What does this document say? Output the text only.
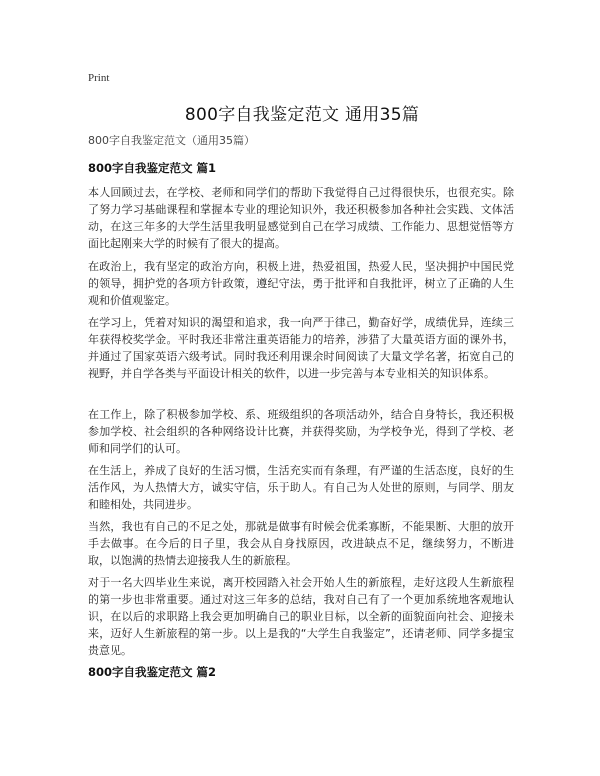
Print
800字自我鉴定范文 通用35篇
800字自我鉴定范文（通用35篇）
800字自我鉴定范文 篇1

本人回顾过去，在学校、老师和同学们的帮助下我觉得自己过得很快乐，也很充实。除了努力学习基础课程和掌握本专业的理论知识外，我还积极参加各种社会实践、文体活动，在这三年多的大学生活里我明显感觉到自己在学习成绩、工作能力、思想觉悟等方面比起刚来大学的时候有了很大的提高。

在政治上，我有坚定的政治方向，积极上进，热爱祖国，热爱人民，坚决拥护中国民党的领导，拥护党的各项方针政策，遵纪守法，勇于批评和自我批评，树立了正确的人生观和价值观鉴定。

在学习上，凭着对知识的渴望和追求，我一向严于律己，勤奋好学，成绩优异，连续三年获得校奖学金。平时我还非常注重英语能力的培养，涉猎了大量英语方面的课外书，并通过了国家英语六级考试。同时我还利用课余时间阅读了大量文学名著，拓宽自己的视野，并自学各类与平面设计相关的软件，以进一步完善与本专业相关的知识体系。

在工作上，除了积极参加学校、系、班级组织的各项活动外，结合自身特长，我还积极参加学校、社会组织的各种网络设计比赛，并获得奖励，为学校争光，得到了学校、老师和同学们的认可。

在生活上，养成了良好的生活习惯，生活充实而有条理，有严谨的生活态度，良好的生活作风，为人热情大方，诚实守信，乐于助人。有自己为人处世的原则，与同学、朋友和睦相处，共同进步。

当然，我也有自己的不足之处，那就是做事有时候会优柔寡断，不能果断、大胆的放开手去做事。在今后的日子里，我会从自身找原因，改进缺点不足，继续努力，不断进取，以饱满的热情去迎接我人生的新旅程。

对于一名大四毕业生来说，离开校园踏入社会开始人生的新旅程，走好这段人生新旅程的第一步也非常重要。通过对这三年多的总结，我对自己有了一个更加系统地客观地认识，在以后的求职路上我会更加明确自己的职业目标，以全新的面貌面向社会、迎接未来，迈好人生新旅程的第一步。以上是我的“大学生自我鉴定”，还请老师、同学多提宝贵意见。

800字自我鉴定范文 篇2
